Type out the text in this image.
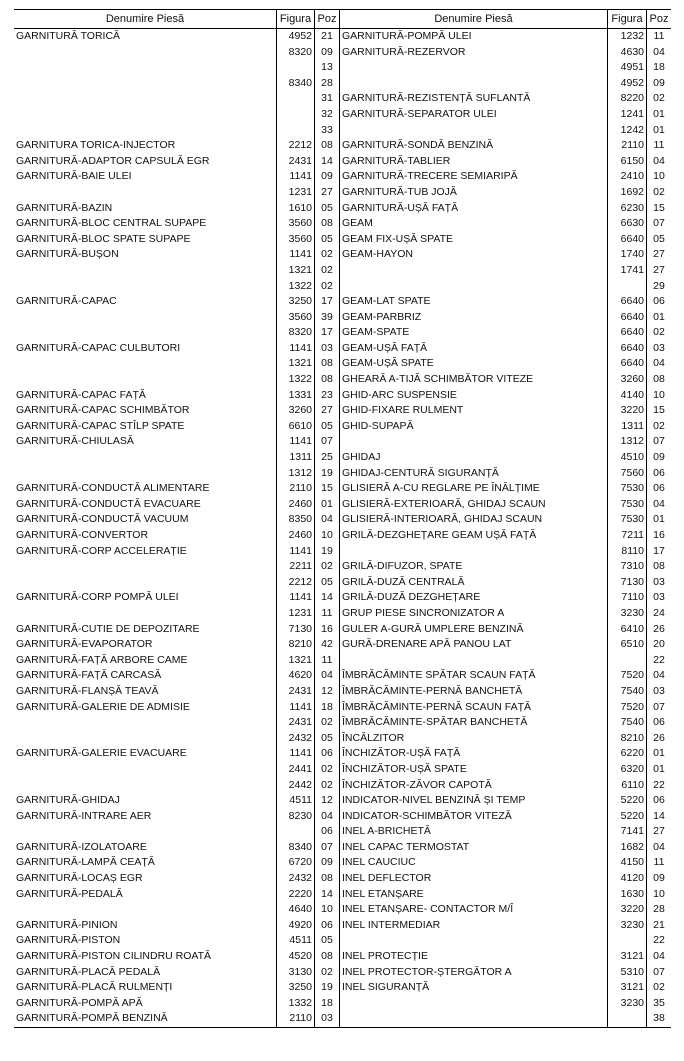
Denumire Piesă	Figura	Poz	Denumire Piesă	Figura	Poz
GARNITURĂ TORICĂ	4952	21	GARNITURĂ-POMPĂ ULEI	1232	11
	8320	09	GARNITURĂ-REZERVOR	4630	04
		13		4951	18
	8340	28		4952	09
		31	GARNITURĂ-REZISTENȚĂ SUFLANTĂ	8220	02
		32	GARNITURĂ-SEPARATOR ULEI	1241	01
		33		1242	01
GARNITURA TORICA-INJECTOR	2212	08	GARNITURĂ-SONDĂ BENZINĂ	2110	11
GARNITURĂ-ADAPTOR CAPSULĂ EGR	2431	14	GARNITURĂ-TABLIER	6150	04
GARNITURĂ-BAIE ULEI	1141	09	GARNITURĂ-TRECERE SEMIARIPĂ	2410	10
	1231	27	GARNITURĂ-TUB JOJĂ	1692	02
GARNITURĂ-BAZIN	1610	05	GARNITURĂ-UȘĂ FAȚĂ	6230	15
GARNITURĂ-BLOC CENTRAL SUPAPE	3560	08	GEAM	6630	07
GARNITURĂ-BLOC SPATE SUPAPE	3560	05	GEAM FIX-UȘĂ SPATE	6640	05
GARNITURĂ-BUȘON	1141	02	GEAM-HAYON	1740	27
	1321	02		1741	27
	1322	02			29
GARNITURĂ-CAPAC	3250	17	GEAM-LAT SPATE	6640	06
	3560	39	GEAM-PARBRIZ	6640	01
	8320	17	GEAM-SPATE	6640	02
GARNITURĂ-CAPAC CULBUTORI	1141	03	GEAM-UȘĂ FAȚĂ	6640	03
	1321	08	GEAM-UȘĂ SPATE	6640	04
	1322	08	GHEARĂ A-TIJĂ SCHIMBĂTOR VITEZE	3260	08
GARNITURĂ-CAPAC FAȚĂ	1331	23	GHID-ARC SUSPENSIE	4140	10
GARNITURĂ-CAPAC SCHIMBĂTOR	3260	27	GHID-FIXARE RULMENT	3220	15
GARNITURĂ-CAPAC STÎLP SPATE	6610	05	GHID-SUPAPĂ	1311	02
GARNITURĂ-CHIULASĂ	1141	07		1312	07
	1311	25	GHIDAJ	4510	09
	1312	19	GHIDAJ-CENTURĂ SIGURANȚĂ	7560	06
GARNITURĂ-CONDUCTĂ ALIMENTARE	2110	15	GLISIERĂ A-CU REGLARE PE ÎNĂLȚIME	7530	06
GARNITURĂ-CONDUCTĂ EVACUARE	2460	01	GLISIERĂ-EXTERIOARĂ, GHIDAJ SCAUN	7530	04
GARNITURĂ-CONDUCTĂ VACUUM	8350	04	GLISIERĂ-INTERIOARĂ, GHIDAJ SCAUN	7530	01
GARNITURĂ-CONVERTOR	2460	10	GRILĂ-DEZGHEȚARE GEAM UȘĂ FAȚĂ	7211	16
GARNITURĂ-CORP ACCELERAȚIE	1141	19		8110	17
	2211	02	GRILĂ-DIFUZOR, SPATE	7310	08
	2212	05	GRILĂ-DUZĂ CENTRALĂ	7130	03
GARNITURĂ-CORP POMPĂ ULEI	1141	14	GRILĂ-DUZĂ DEZGHEȚARE	7110	03
	1231	11	GRUP PIESE SINCRONIZATOR A	3230	24
GARNITURĂ-CUTIE DE DEPOZITARE	7130	16	GULER A-GURĂ UMPLERE BENZINĂ	6410	26
GARNITURĂ-EVAPORATOR	8210	42	GURĂ-DRENARE APĂ PANOU LAT	6510	20
GARNITURĂ-FAȚĂ ARBORE CAME	1321	11			22
GARNITURĂ-FAȚĂ CARCASĂ	4620	04	ÎMBRĂCĂMINTE SPĂTAR SCAUN FAȚĂ	7520	04
GARNITURĂ-FLANȘĂ TEAVĂ	2431	12	ÎMBRĂCĂMINTE-PERNĂ BANCHETĂ	7540	03
GARNITURĂ-GALERIE DE ADMISIE	1141	18	ÎMBRĂCĂMINTE-PERNĂ SCAUN FAȚĂ	7520	07
	2431	02	ÎMBRĂCĂMINTE-SPĂTAR BANCHETĂ	7540	06
	2432	05	ÎNCĂLZITOR	8210	26
GARNITURĂ-GALERIE EVACUARE	1141	06	ÎNCHIZĂTOR-UȘĂ FAȚĂ	6220	01
	2441	02	ÎNCHIZĂTOR-UȘĂ SPATE	6320	01
	2442	02	ÎNCHIZĂTOR-ZĂVOR CAPOTĂ	6110	22
GARNITURĂ-GHIDAJ	4511	12	INDICATOR-NIVEL BENZINĂ ȘI TEMP	5220	06
GARNITURĂ-INTRARE AER	8230	04	INDICATOR-SCHIMBĂTOR VITEZĂ	5220	14
		06	INEL A-BRICHETĂ	7141	27
GARNITURĂ-IZOLATOARE	8340	07	INEL CAPAC TERMOSTAT	1682	04
GARNITURĂ-LAMPĂ CEAȚĂ	6720	09	INEL CAUCIUC	4150	11
GARNITURĂ-LOCAȘ EGR	2432	08	INEL DEFLECTOR	4120	09
GARNITURĂ-PEDALĂ	2220	14	INEL ETANȘARE	1630	10
	4640	10	INEL ETANȘARE- CONTACTOR M/Î	3220	28
GARNITURĂ-PINION	4920	06	INEL INTERMEDIAR	3230	21
GARNITURĂ-PISTON	4511	05			22
GARNITURĂ-PISTON CILINDRU ROATĂ	4520	08	INEL PROTECȚIE	3121	04
GARNITURĂ-PLACĂ PEDALĂ	3130	02	INEL PROTECTOR-ȘTERGĂTOR A	5310	07
GARNITURĂ-PLACĂ RULMENȚI	3250	19	INEL SIGURANȚĂ	3121	02
GARNITURĂ-POMPĂ APĂ	1332	18		3230	35
GARNITURĂ-POMPĂ BENZINĂ	2110	03			38
